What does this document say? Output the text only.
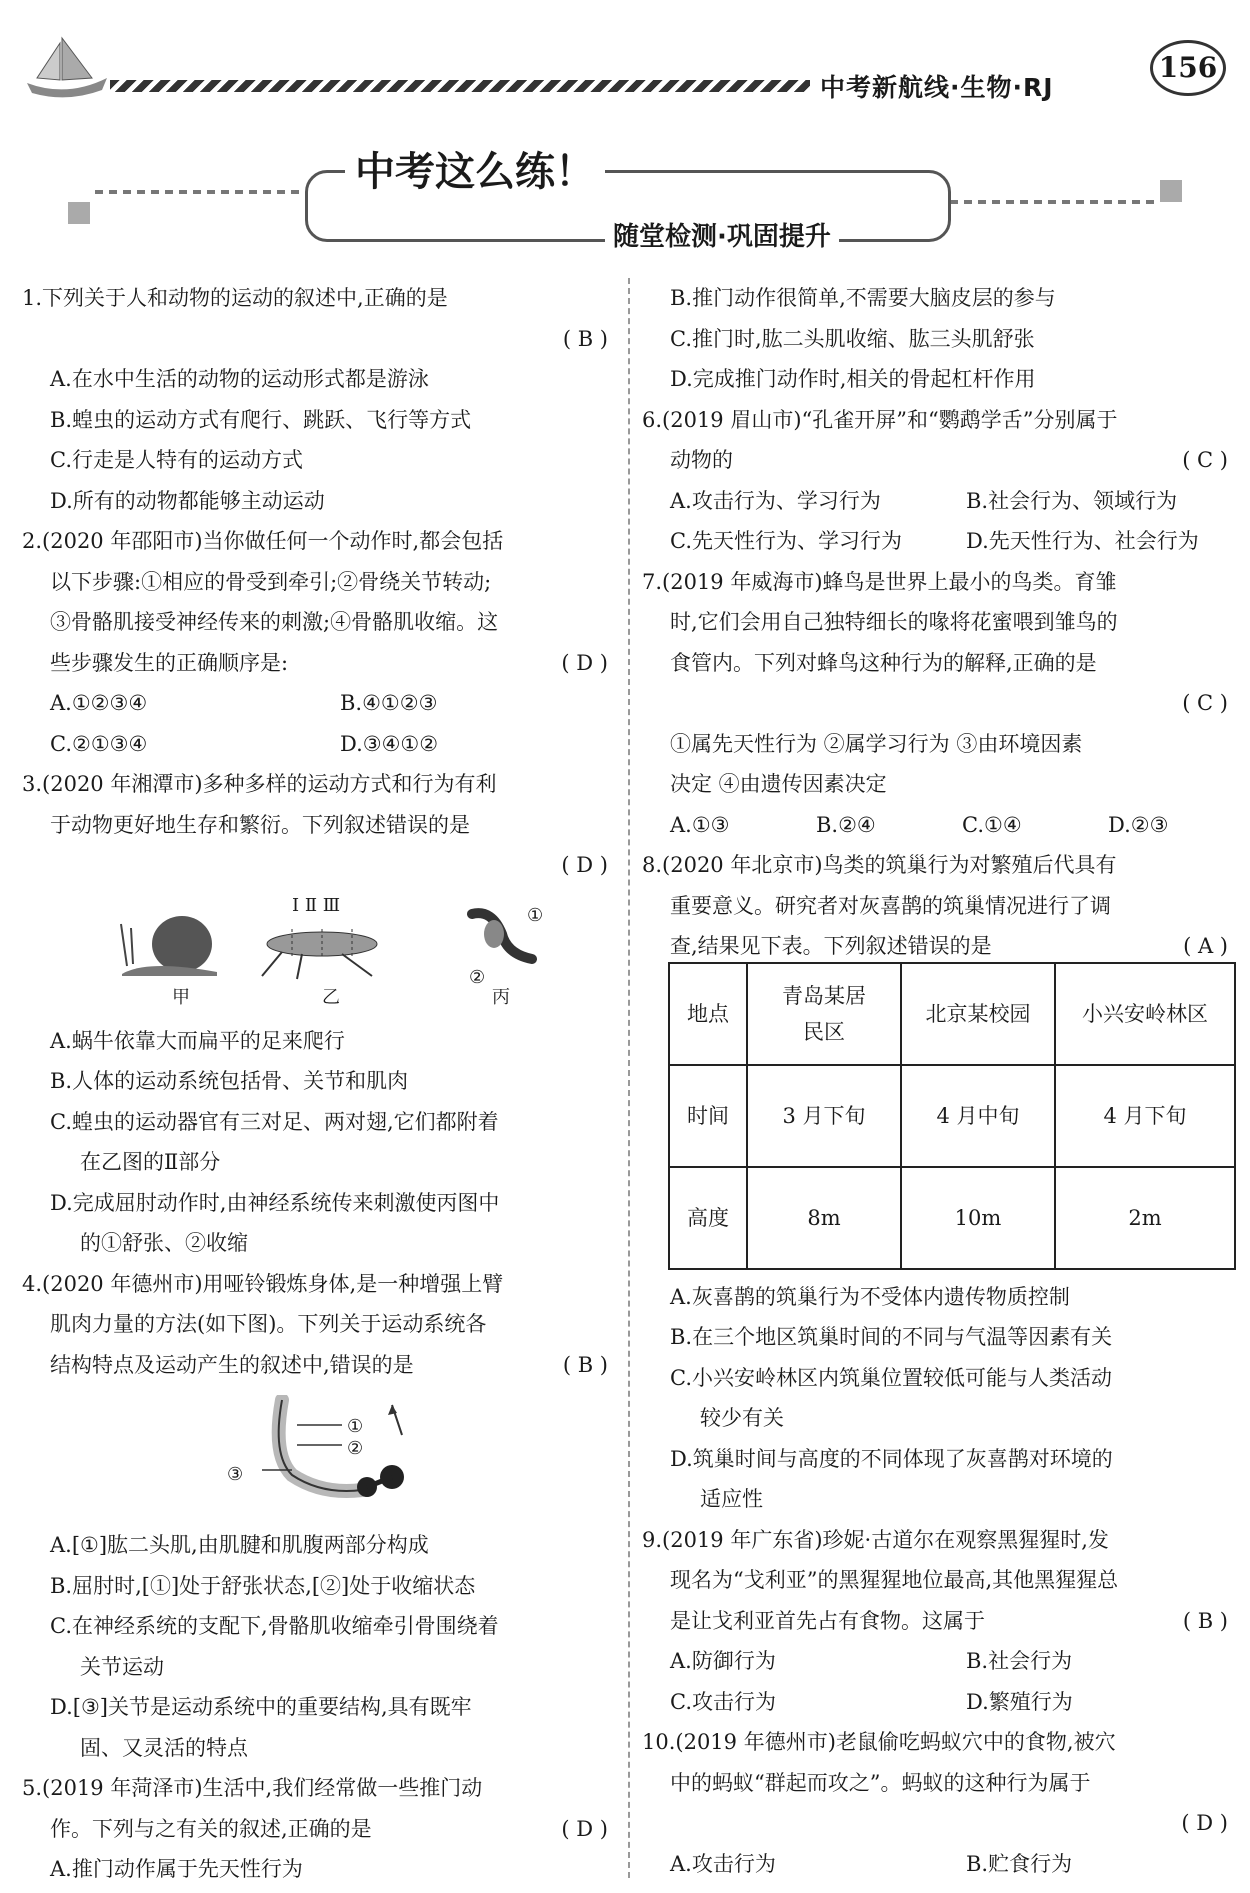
中考新航线·生物·RJ
156
中考这么练！
随堂检测·巩固提升
1.下列关于人和动物的运动的叙述中,正确的是
( B )
A.在水中生活的动物的运动形式都是游泳
B.蝗虫的运动方式有爬行、跳跃、飞行等方式
C.行走是人特有的运动方式
D.所有的动物都能够主动运动
2.(2020 年邵阳市)当你做任何一个动作时,都会包括
以下步骤:①相应的骨受到牵引;②骨绕关节转动;
③骨骼肌接受神经传来的刺激;④骨骼肌收缩。这
些步骤发生的正确顺序是:	( D )
A.①②③④	B.④①②③
C.②①③④	D.③④①②
3.(2020 年湘潭市)多种多样的运动方式和行为有利
于动物更好地生存和繁衍。下列叙述错误的是
( D )
Ⅰ Ⅱ Ⅲ	①
②
甲	乙	丙
A.蜗牛依靠大而扁平的足来爬行
B.人体的运动系统包括骨、关节和肌肉
C.蝗虫的运动器官有三对足、两对翅,它们都附着
在乙图的Ⅱ部分
D.完成屈肘动作时,由神经系统传来刺激使丙图中
的①舒张、②收缩
4.(2020 年德州市)用哑铃锻炼身体,是一种增强上臂
肌肉力量的方法(如下图)。下列关于运动系统各
结构特点及运动产生的叙述中,错误的是	( B )
①
②
③
A.[①]肱二头肌,由肌腱和肌腹两部分构成
B.屈肘时,[①]处于舒张状态,[②]处于收缩状态
C.在神经系统的支配下,骨骼肌收缩牵引骨围绕着
关节运动
D.[③]关节是运动系统中的重要结构,具有既牢
固、又灵活的特点
5.(2019 年菏泽市)生活中,我们经常做一些推门动
作。下列与之有关的叙述,正确的是	( D )
A.推门动作属于先天性行为
B.推门动作很简单,不需要大脑皮层的参与
C.推门时,肱二头肌收缩、肱三头肌舒张
D.完成推门动作时,相关的骨起杠杆作用
6.(2019 眉山市)“孔雀开屏”和“鹦鹉学舌”分别属于
动物的	( C )
A.攻击行为、学习行为	B.社会行为、领域行为
C.先天性行为、学习行为	D.先天性行为、社会行为
7.(2019 年威海市)蜂鸟是世界上最小的鸟类。育雏
时,它们会用自己独特细长的喙将花蜜喂到雏鸟的
食管内。下列对蜂鸟这种行为的解释,正确的是
( C )
①属先天性行为 ②属学习行为 ③由环境因素
决定 ④由遗传因素决定
A.①③	B.②④	C.①④	D.②③
8.(2020 年北京市)鸟类的筑巢行为对繁殖后代具有
重要意义。研究者对灰喜鹊的筑巢情况进行了调
查,结果见下表。下列叙述错误的是	( A )
A.灰喜鹊的筑巢行为不受体内遗传物质控制
B.在三个地区筑巢时间的不同与气温等因素有关
C.小兴安岭林区内筑巢位置较低可能与人类活动
较少有关
D.筑巢时间与高度的不同体现了灰喜鹊对环境的
适应性
9.(2019 年广东省)珍妮·古道尔在观察黑猩猩时,发
现名为“戈利亚”的黑猩猩地位最高,其他黑猩猩总
是让戈利亚首先占有食物。这属于	( B )
A.防御行为	B.社会行为
C.攻击行为	D.繁殖行为
10.(2019 年德州市)老鼠偷吃蚂蚁穴中的食物,被穴
中的蚂蚁“群起而攻之”。蚂蚁的这种行为属于
( D )
A.攻击行为	B.贮食行为
地点	青岛某居民区	北京某校园	小兴安岭林区
时间	3 月下旬	4 月中旬	4 月下旬
高度	8m	10m	2m
